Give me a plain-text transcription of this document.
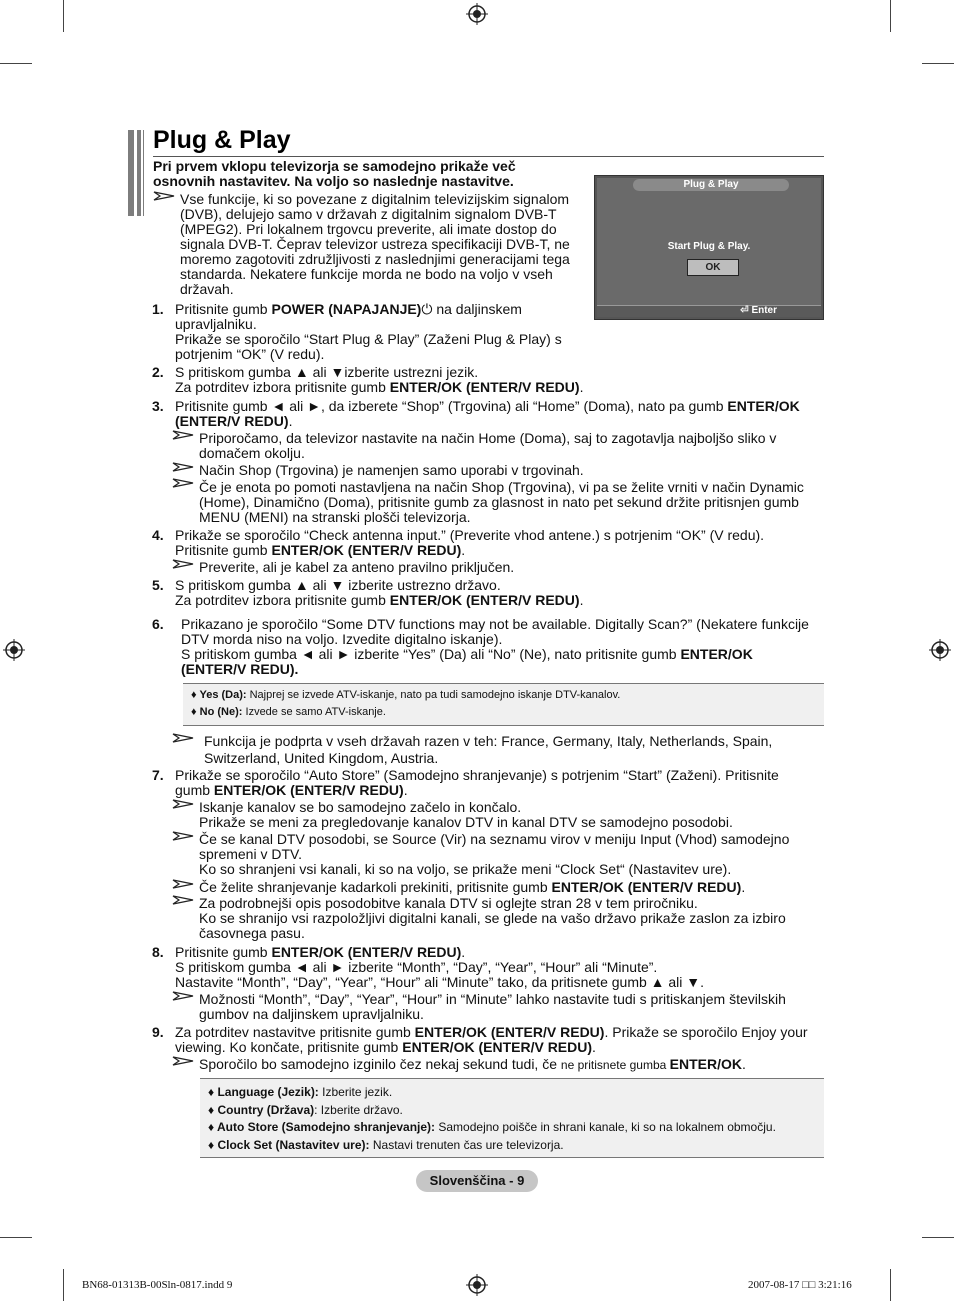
Plug & Play
Pri prvem vklopu televizorja se samodejno prikaže več
osnovnih nastavitev. Na voljo so naslednje nastavitve.
Vse funkcije, ki so povezane z digitalnim televizijskim signalom
(DVB), delujejo samo v državah z digitalnim signalom DVB-T
(MPEG2). Pri lokalnem trgovcu preverite, ali imate dostop do
signala DVB-T. Čeprav televizor ustreza specifikaciji DVB-T, ne
moremo zagotoviti združljivosti z naslednjimi generacijami tega
standarda. Nekatere funkcije morda ne bodo na voljo v vseh
državah.
Plug & Play
Start Plug & Play.
OK
⏎ Enter
1. Pritisnite gumb POWER (NAPAJANJE)⏻ na daljinskem
upravljalniku.
Prikaže se sporočilo “Start Plug & Play” (Zaženi Plug & Play) s
potrjenim “OK” (V redu).
2. S pritiskom gumba ▲ ali ▼izberite ustrezni jezik.
Za potrditev izbora pritisnite gumb ENTER/OK (ENTER/V REDU).
3. Pritisnite gumb ◄ ali ►, da izberete “Shop” (Trgovina) ali “Home” (Doma), nato pa gumb ENTER/OK
(ENTER/V REDU).
Priporočamo, da televizor nastavite na način Home (Doma), saj to zagotavlja najboljšo sliko v
domačem okolju.
Način Shop (Trgovina) je namenjen samo uporabi v trgovinah.
Če je enota po pomoti nastavljena na način Shop (Trgovina), vi pa se želite vrniti v način Dynamic
(Home), Dinamično (Doma), pritisnite gumb za glasnost in nato pet sekund držite pritisnjen gumb
MENU (MENI) na stranski plošči televizorja.
4. Prikaže se sporočilo “Check antenna input.” (Preverite vhod antene.) s potrjenim “OK” (V redu).
Pritisnite gumb ENTER/OK (ENTER/V REDU).
Preverite, ali je kabel za anteno pravilno priključen.
5. S pritiskom gumba ▲ ali ▼ izberite ustrezno državo.
Za potrditev izbora pritisnite gumb ENTER/OK (ENTER/V REDU).
6. Prikazano je sporočilo “Some DTV functions may not be available. Digitally Scan?” (Nekatere funkcije
DTV morda niso na voljo. Izvedite digitalno iskanje).
S pritiskom gumba ◄ ali ► izberite “Yes” (Da) ali “No” (Ne), nato pritisnite gumb ENTER/OK
(ENTER/V REDU).
♦ Yes (Da): Najprej se izvede ATV-iskanje, nato pa tudi samodejno iskanje DTV-kanalov.
♦ No (Ne): Izvede se samo ATV-iskanje.
Funkcija je podprta v vseh državah razen v teh: France, Germany, Italy, Netherlands, Spain,
Switzerland, United Kingdom, Austria.
7. Prikaže se sporočilo “Auto Store” (Samodejno shranjevanje) s potrjenim “Start” (Zaženi). Pritisnite
gumb ENTER/OK (ENTER/V REDU).
Iskanje kanalov se bo samodejno začelo in končalo.
Prikaže se meni za pregledovanje kanalov DTV in kanal DTV se samodejno posodobi.
Če se kanal DTV posodobi, se Source (Vir) na seznamu virov v meniju Input (Vhod) samodejno
spremeni v DTV.
Ko so shranjeni vsi kanali, ki so na voljo, se prikaže meni “Clock Set“ (Nastavitev ure).
Če želite shranjevanje kadarkoli prekiniti, pritisnite gumb ENTER/OK (ENTER/V REDU).
Za podrobnejši opis posodobitve kanala DTV si oglejte stran 28 v tem priročniku.
Ko se shranijo vsi razpoložljivi digitalni kanali, se glede na vašo državo prikaže zaslon za izbiro
časovnega pasu.
8. Pritisnite gumb ENTER/OK (ENTER/V REDU).
S pritiskom gumba ◄ ali ► izberite “Month”, “Day”, “Year”, “Hour” ali “Minute”.
Nastavite “Month”, “Day”, “Year”, “Hour” ali “Minute” tako, da pritisnete gumb ▲ ali ▼.
Možnosti “Month”, “Day”, “Year”, “Hour” in “Minute” lahko nastavite tudi s pritiskanjem številskih
gumbov na daljinskem upravljalniku.
9. Za potrditev nastavitve pritisnite gumb ENTER/OK (ENTER/V REDU). Prikaže se sporočilo Enjoy your
viewing. Ko končate, pritisnite gumb ENTER/OK (ENTER/V REDU).
Sporočilo bo samodejno izginilo čez nekaj sekund tudi, če ne pritisnete gumba ENTER/OK.
♦ Language (Jezik): Izberite jezik.
♦ Country (Država): Izberite državo.
♦ Auto Store (Samodejno shranjevanje): Samodejno poišče in shrani kanale, ki so na lokalnem območju.
♦ Clock Set (Nastavitev ure): Nastavi trenuten čas ure televizorja.
Slovenščina - 9
BN68-01313B-00Sln-0817.indd 9	2007-08-17 □□ 3:21:16
